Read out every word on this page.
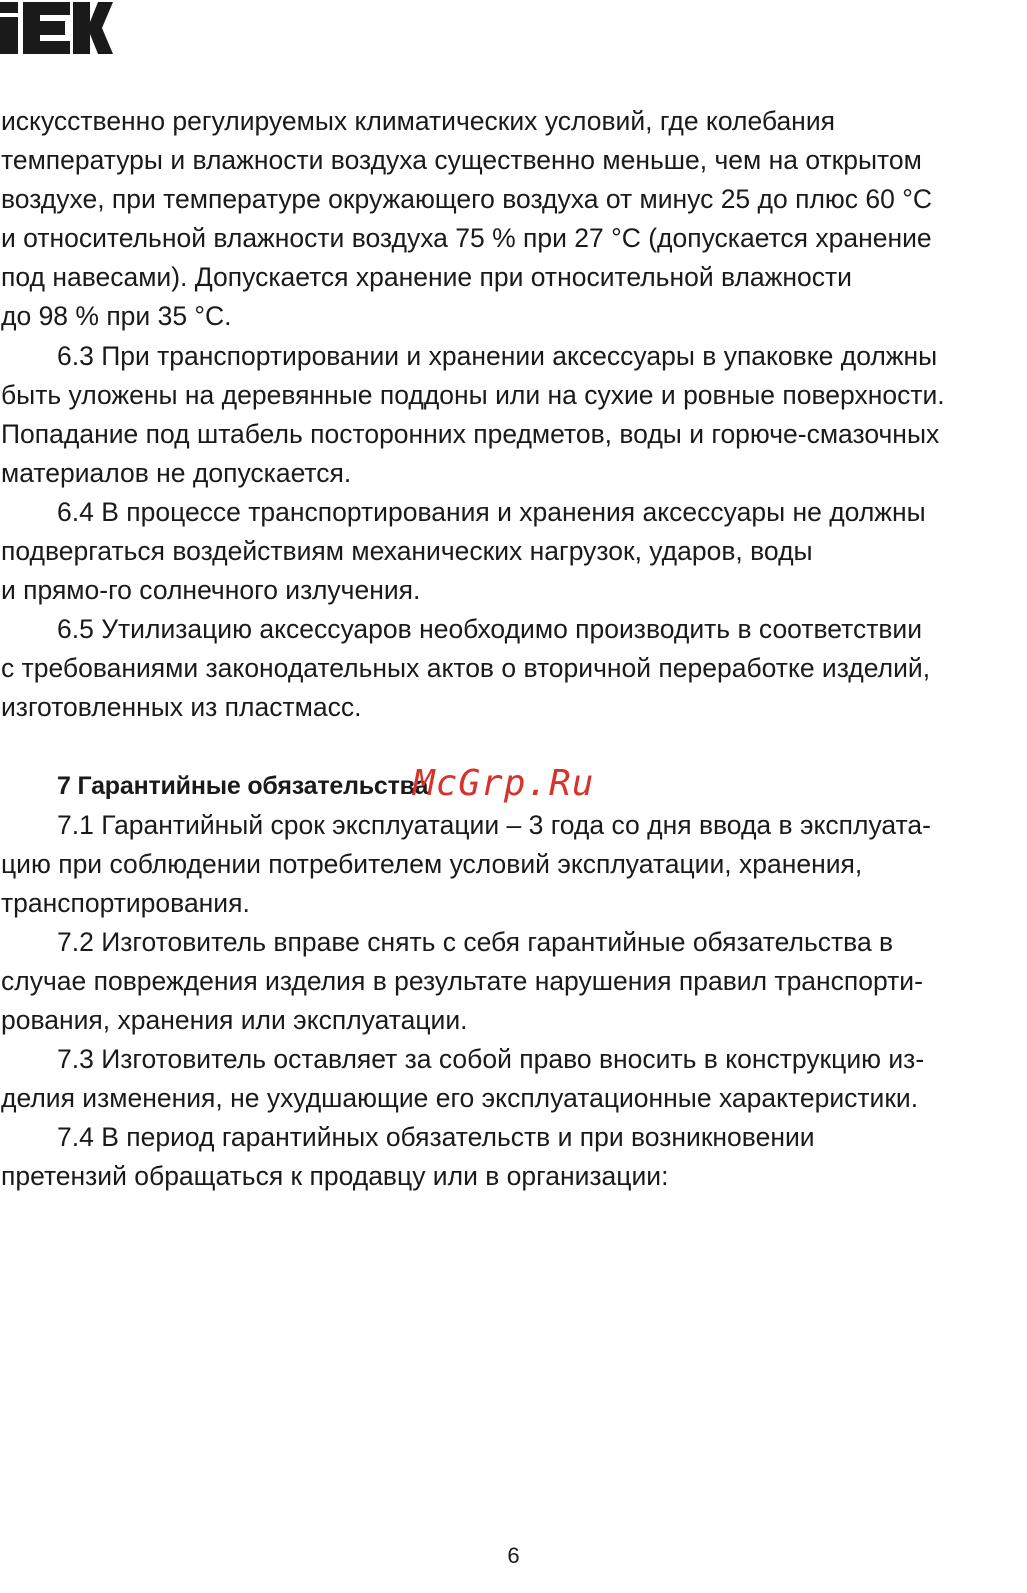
искусственно регулируемых климатических условий, где колебания
температуры и влажности воздуха существенно меньше, чем на открытом
воздухе, при температуре окружающего воздуха от минус 25 до плюс 60 °С
и относительной влажности воздуха 75 % при 27 °С (допускается хранение
под навесами). Допускается хранение при относительной влажности
до 98 % при 35 °С.
6.3 При транспортировании и хранении аксессуары в упаковке должны
быть уложены на деревянные поддоны или на сухие и ровные поверхности.
Попадание под штабель посторонних предметов, воды и горюче-смазочных
материалов не допускается.
6.4 В процессе транспортирования и хранения аксессуары не должны
подвергаться воздействиям механических нагрузок, ударов, воды
и прямо-го солнечного излучения.
6.5 Утилизацию аксессуаров необходимо производить в соответствии
с требованиями законодательных актов о вторичной переработке изделий,
изготовленных из пластмасс.
7 Гарантийные обязательства
7.1 Гарантийный срок эксплуатации – 3 года со дня ввода в эксплуата-
цию при соблюдении потребителем условий эксплуатации, хранения,
транспортирования.
7.2 Изготовитель вправе снять с себя гарантийные обязательства в
случае повреждения изделия в результате нарушения правил транспорти-
рования, хранения или эксплуатации.
7.3 Изготовитель оставляет за собой право вносить в конструкцию из-
делия изменения, не ухудшающие его эксплуатационные характеристики.
7.4 В период гарантийных обязательств и при возникновении
претензий обращаться к продавцу или в организации:
McGrp.Ru
6
